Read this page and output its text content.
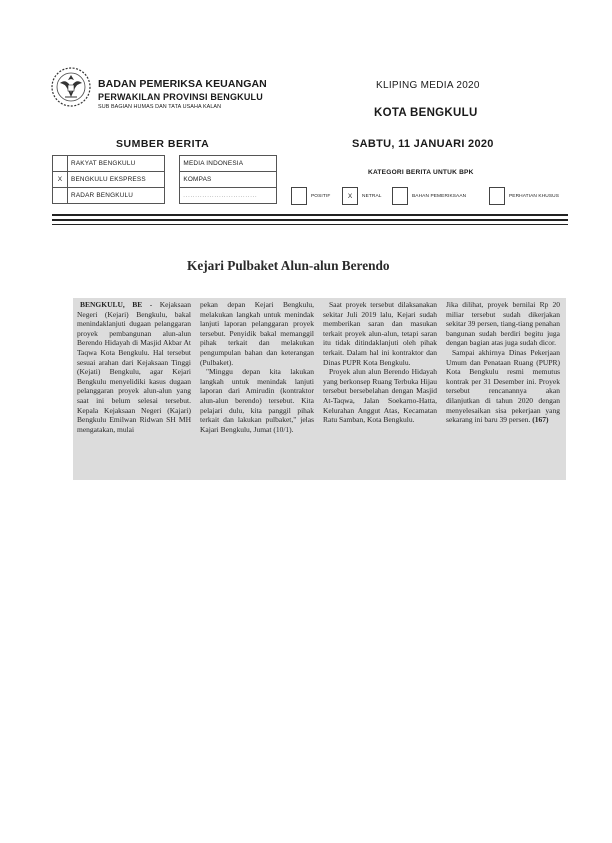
BADAN PEMERIKSA KEUANGAN
PERWAKILAN PROVINSI BENGKULU
SUB BAGIAN HUMAS DAN TATA USAHA KALAN
KLIPING MEDIA 2020
KOTA BENGKULU
SABTU, 11 JANUARI 2020
SUMBER BERITA
	RAKYAT BENGKULU		MEDIA INDONESIA
X	BENGKULU EKSPRESS		KOMPAS
	RADAR BENGKULU		...............................
KATEGORI BERITA UNTUK BPK
POSITIF	X	NETRAL	BAHAN PEMERIKSAAN	PERHATIAN KHUSUS
Kejari Pulbaket Alun-alun Berendo

BENGKULU, BE - Kejaksaan Negeri (Kejari) Bengkulu, bakal menindaklanjuti dugaan pelanggaran proyek pembangunan alun-alun Berendo Hidayah di Masjid Akbar At Taqwa Kota Bengkulu. Hal tersebut sesuai arahan dari Kejaksaan Tinggi (Kejati) Bengkulu, agar Kejari Bengkulu menyelidiki kasus dugaan pelanggaran proyek alun-alun yang saat ini belum selesai tersebut. Kepala Kejaksaan Negeri (Kajari) Bengkulu Emilwan Ridwan SH MH mengatakan, mulai

pekan depan Kejari Bengkulu, melakukan langkah untuk menindak lanjuti laporan pelanggaran proyek tersebut. Penyidik bakal memanggil pihak terkait dan melakukan pengumpulan bahan dan keterangan (Pulbaket).

"Minggu depan kita lakukan langkah untuk menindak lanjuti laporan dari Amirudin (kontraktor alun-alun berendo) tersebut. Kita pelajari dulu, kita panggil pihak terkait dan lakukan pulbaket," jelas Kajari Bengkulu, Jumat (10/1).

Saat proyek tersebut dilaksanakan sekitar Juli 2019 lalu, Kejari sudah memberikan saran dan masukan terkait proyek alun-alun, tetapi saran itu tidak ditindaklanjuti oleh pihak terkait. Dalam hal ini kontraktor dan Dinas PUPR Kota Bengkulu.

Proyek alun alun Berendo Hidayah yang berkonsep Ruang Terbuka Hijau tersebut bersebelahan dengan Masjid At-Taqwa, Jalan Soekarno-Hatta, Kelurahan Anggut Atas, Kecamatan Ratu Samban, Kota Bengkulu.

Jika dilihat, proyek bernilai Rp 20 miliar tersebut sudah dikerjakan sekitar 39 persen, tiang-tiang penahan bangunan sudah berdiri begitu juga dengan bagian atas juga sudah dicor.

Sampai akhirnya Dinas Pekerjaan Umum dan Penataan Ruang (PUPR) Kota Bengkulu resmi memutus kontrak per 31 Desember ini. Proyek tersebut rencanannya akan dilanjutkan di tahun 2020 dengan menyelesaikan sisa pekerjaan yang sekarang ini baru 39 persen. (167)
